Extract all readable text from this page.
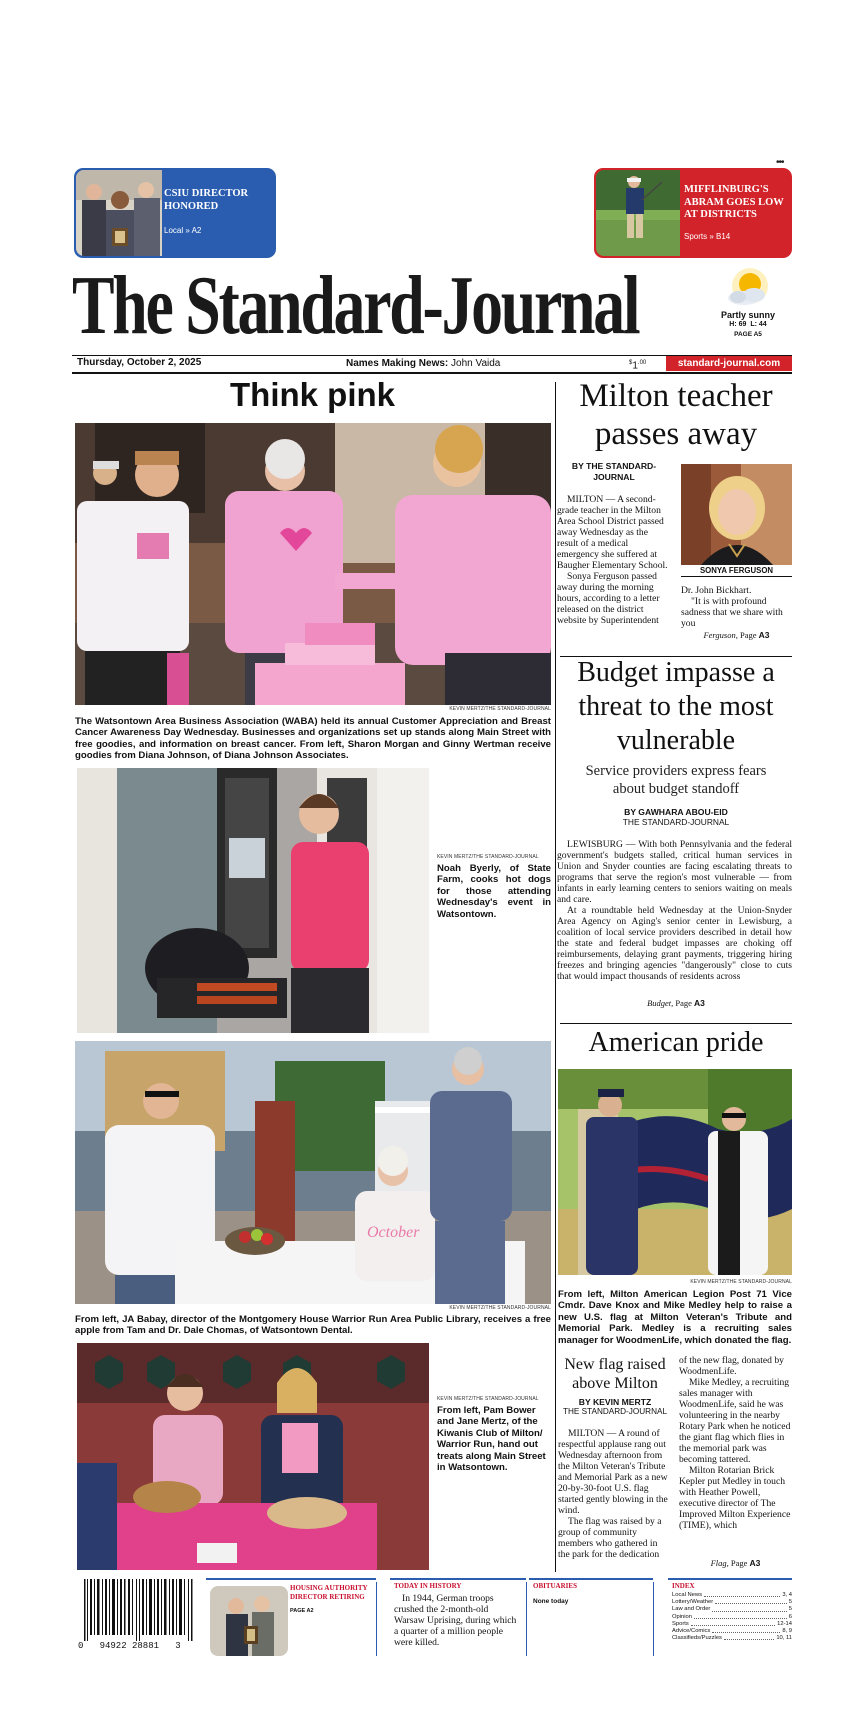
CSIU DIRECTOR HONORED
Local » A2
•••
MIFFLINBURG'S ABRAM GOES LOW AT DISTRICTS
Sports » B14
The Standard-Journal	Partly sunny
H: 69 L: 44
PAGE A5
Thursday, October 2, 2025	Names Making News: John Vaida	$^{\$}1^{.00}$	standard-journal.com
Think pink
KEVIN MERTZ/THE STANDARD-JOURNAL
The Watsontown Area Business Association (WABA) held its annual Customer Appreciation and Breast Cancer Awareness Day Wednesday. Businesses and organizations set up stands along Main Street with free goodies, and information on breast cancer. From left, Sharon Morgan and Ginny Wertman receive goodies from Diana Johnson, of Diana Johnson Associates.
KEVIN MERTZ/THE STANDARD-JOURNAL
Noah Byerly, of State Farm, cooks hot dogs for those attending Wednesday's event in Watsontown.
October
KEVIN MERTZ/THE STANDARD-JOURNAL
From left, JA Babay, director of the Montgomery House Warrior Run Area Public Library, receives a free apple from Tam and Dr. Dale Chomas, of Watsontown Dental.
KEVIN MERTZ/THE STANDARD-JOURNAL
From left, Pam Bower and Jane Mertz, of the Kiwanis Club of Milton/ Warrior Run, hand out treats along Main Street in Watsontown.
Milton teacher passes away
BY THE STANDARD-JOURNAL
MILTON — A second-grade teacher in the Milton Area School District passed away Wednesday as the result of a medical emergency she suffered at Baugher Elementary School.
Sonya Ferguson passed away during the morning hours, according to a letter released on the district website by Superintendent
SONYA FERGUSON
Dr. John Bickhart.
"It is with profound sadness that we share with you
Ferguson, Page A3
Budget impasse a threat to the most vulnerable
Service providers express fears about budget standoff
BY GAWHARA ABOU-EID
THE STANDARD-JOURNAL
LEWISBURG — With both Pennsylvania and the federal government's budgets stalled, critical human services in Union and Snyder counties are facing escalating threats to programs that serve the region's most vulnerable — from infants in early learning centers to seniors waiting on meals and care.
At a roundtable held Wednesday at the Union-Snyder Area Agency on Aging's senior center in Lewisburg, a coalition of local service providers described in detail how the state and federal budget impasses are choking off reimbursements, delaying grant payments, triggering hiring freezes and bringing agencies "dangerously" close to cuts that would impact thousands of residents across
Budget, Page A3
American pride
KEVIN MERTZ/THE STANDARD-JOURNAL
From left, Milton American Legion Post 71 Vice Cmdr. Dave Knox and Mike Medley help to raise a new U.S. flag at Milton Veteran's Tribute and Memorial Park. Medley is a recruiting sales manager for WoodmenLife, which donated the flag.
New flag raised above Milton
BY KEVIN MERTZ
THE STANDARD-JOURNAL
MILTON — A round of respectful applause rang out Wednesday afternoon from the Milton Veteran's Tribute and Memorial Park as a new 20-by-30-foot U.S. flag started gently blowing in the wind.
The flag was raised by a group of community members who gathered in the park for the dedication
of the new flag, donated by WoodmenLife.
Mike Medley, a recruiting sales manager with WoodmenLife, said he was volunteering in the nearby Rotary Park when he noticed the giant flag which flies in the memorial park was becoming tattered.
Milton Rotarian Brick Kepler put Medley in touch with Heather Powell, executive director of The Improved Milton Experience (TIME), which
Flag, Page A3
0   94922 28881   3
HOUSING AUTHORITY DIRECTOR RETIRING
PAGE A2
TODAY IN HISTORY
In 1944, German troops crushed the 2-month-old Warsaw Uprising, during which a quarter of a million people were killed.
OBITUARIES
None today
INDEX
Local News	3, 4
Lottery/Weather	5
Law and Order	5
Opinion	6
Sports	12-14
Advice/Comics	8, 9
Classifieds/Puzzles	10, 11
